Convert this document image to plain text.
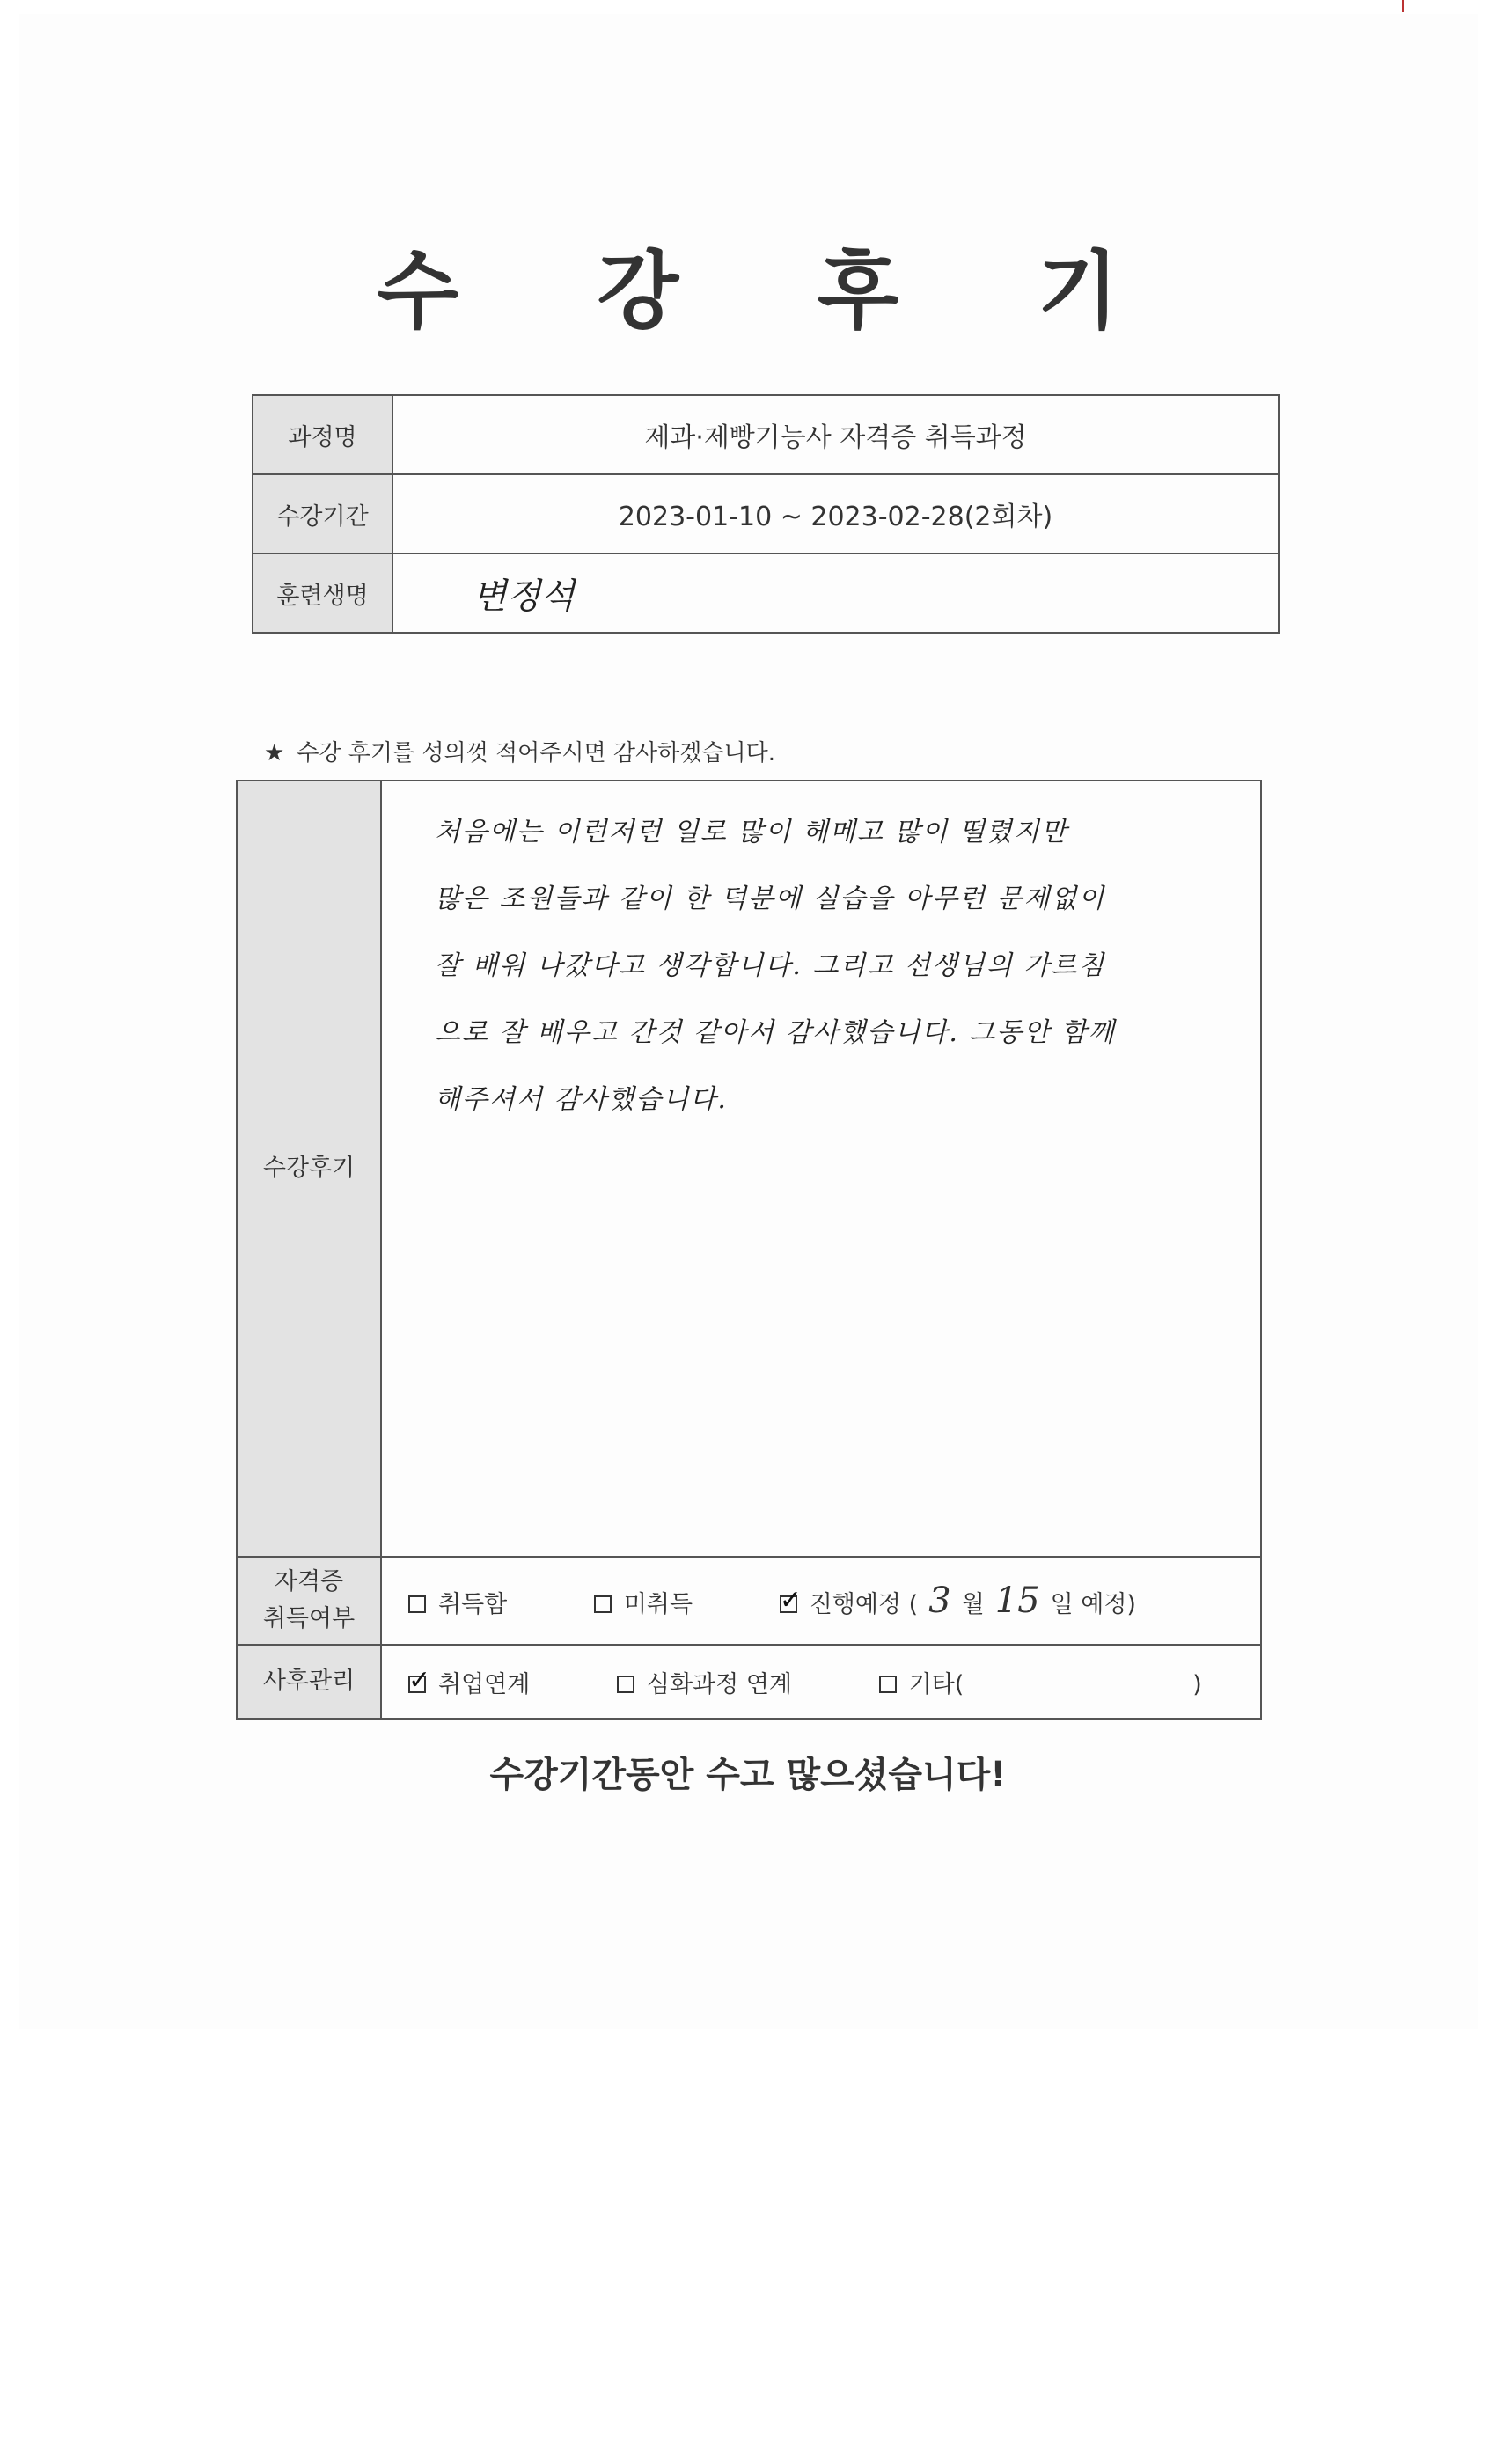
수 강 후 기
과정명	제과·제빵기능사 자격증 취득과정
수강기간	2023-01-10 ~ 2023-02-28(2회차)
훈련생명	변정석
★ 수강 후기를 성의껏 적어주시면 감사하겠습니다.
수강후기	처음에는 이런저런 일로 많이 헤메고 많이 떨렸지만
많은 조원들과 같이 한 덕분에 실습을 아무런 문제없이
잘 배워 나갔다고 생각합니다. 그리고 선생님의 가르침
으로 잘 배우고 간것 같아서 감사했습니다. 그동안 함께
해주셔서 감사했습니다.

자격증
취득여부	취득함 미취득 ✓ 진행예정 ( 3 월 15 일 예정)
사후관리	✓취업연계 심화과정 연계 기타( )
수강기간동안 수고 많으셨습니다!
